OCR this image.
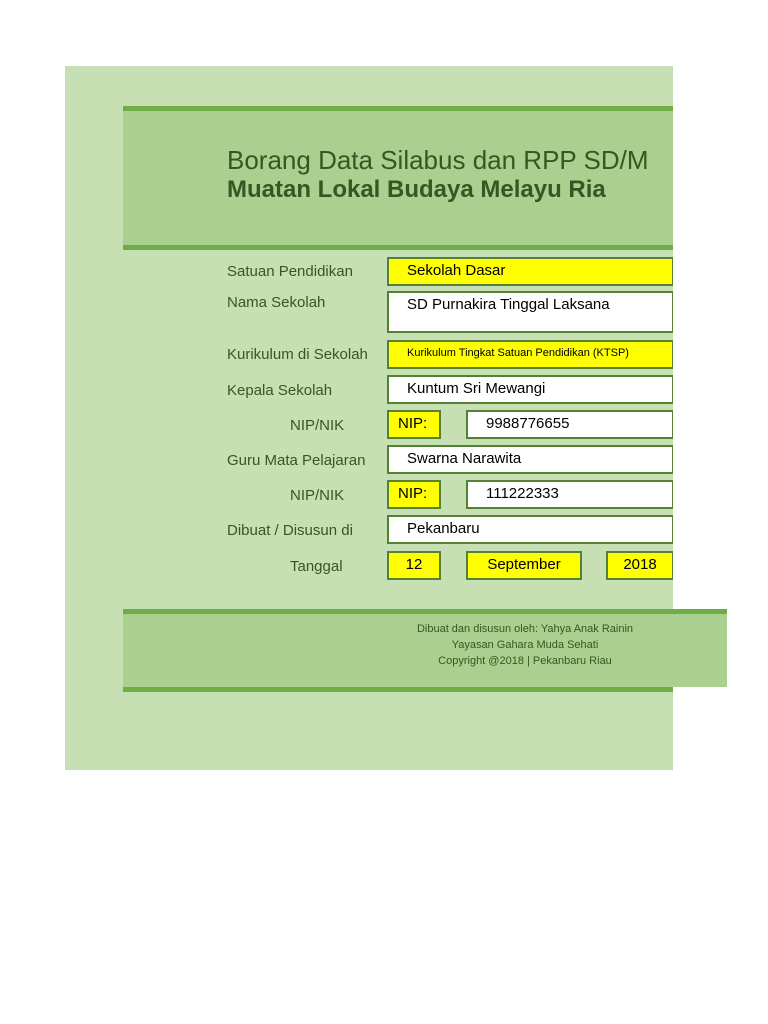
Borang Data Silabus dan RPP SD/M
Muatan Lokal Budaya Melayu Ria
Satuan Pendidikan	Sekolah Dasar
Nama Sekolah	SD Purnakira Tinggal Laksana
Kurikulum di Sekolah	Kurikulum Tingkat Satuan Pendidikan (KTSP)
Kepala Sekolah	Kuntum Sri Mewangi
NIP/NIK	NIP:	9988776655
Guru Mata Pelajaran	Swarna Narawita
NIP/NIK	NIP:	111222333
Dibuat / Disusun di	Pekanbaru
Tanggal	12	September	2018
Dibuat dan disusun oleh: Yahya Anak Rainin
Yayasan Gahara Muda Sehati
Copyright @2018 | Pekanbaru Riau
